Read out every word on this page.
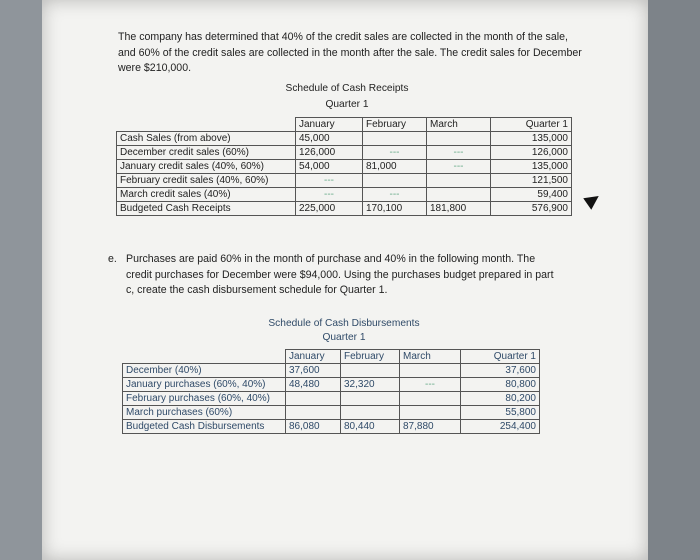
The company has determined that 40% of the credit sales are collected in the month of the sale, and 60% of the credit sales are collected in the month after the sale. The credit sales for December were $210,000.
Schedule of Cash Receipts
Quarter 1
	January	February	March	Quarter 1
Cash Sales (from above)	45,000			135,000
December credit sales (60%)	126,000	---	---	126,000
January credit sales (40%, 60%)	54,000	81,000	---	135,000
February credit sales (40%, 60%)	---			121,500
March credit sales (40%)	---	---		59,400
Budgeted Cash Receipts	225,000	170,100	181,800	576,900
e. Purchases are paid 60% in the month of purchase and 40% in the following month. The credit purchases for December were $94,000. Using the purchases budget prepared in part c, create the cash disbursement schedule for Quarter 1.
Schedule of Cash Disbursements
Quarter 1
	January	February	March	Quarter 1
December (40%)	37,600			37,600
January purchases (60%, 40%)	48,480	32,320	---	80,800
February purchases (60%, 40%)				80,200
March purchases (60%)				55,800
Budgeted Cash Disbursements	86,080	80,440	87,880	254,400
